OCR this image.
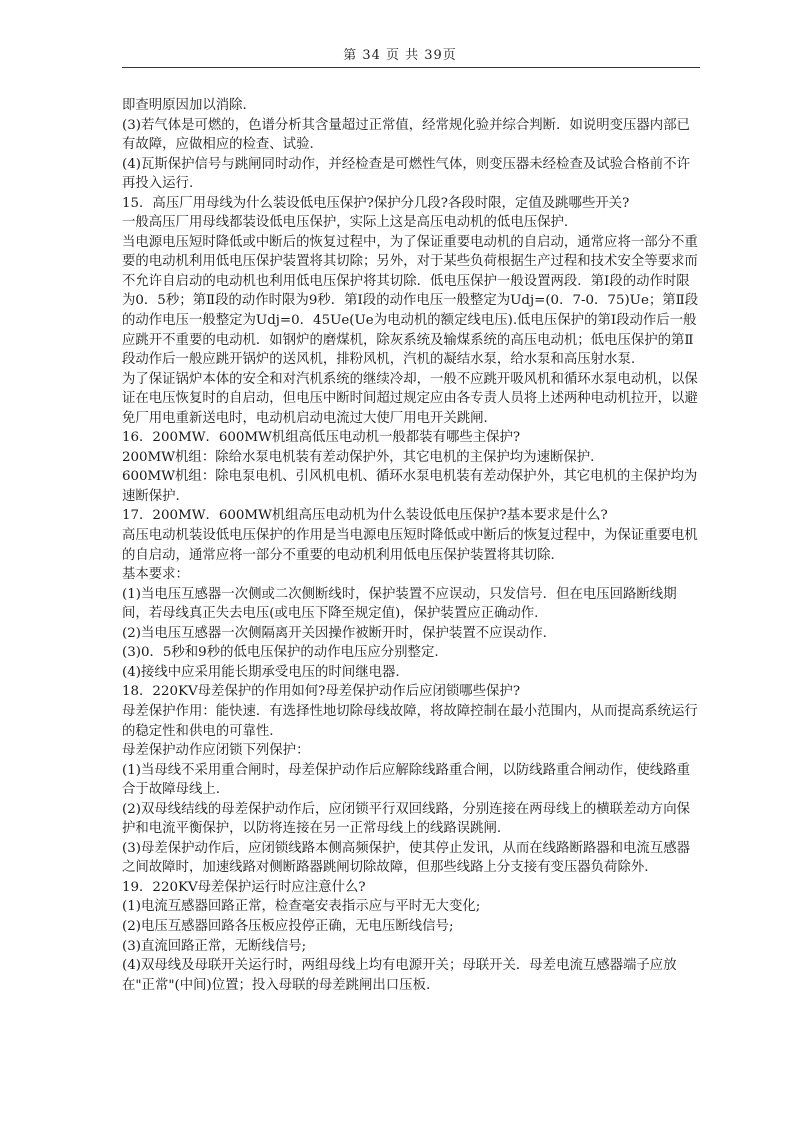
第 34 页 共 39页

即查明原因加以消除.

(3)若气体是可燃的，色谱分析其含量超过正常值，经常规化验并综合判断．如说明变压器内部已有故障，应做相应的检查、试验.

(4)瓦斯保护信号与跳闸同时动作，并经检查是可燃性气体，则变压器未经检查及试验合格前不许再投入运行.

15．高压厂用母线为什么装设低电压保护?保护分几段?各段时限，定值及跳哪些开关?

一般高压厂用母线都装设低电压保护，实际上这是高压电动机的低电压保护.

当电源电压短时降低或中断后的恢复过程中，为了保证重要电动机的自启动，通常应将一部分不重要的电动机利用低电压保护装置将其切除；另外，对于某些负荷根据生产过程和技术安全等要求而不允许自启动的电动机也利用低电压保护将其切除．低电压保护一般设置两段．第Ⅰ段的动作时限为0．5秒；第Ⅱ段的动作时限为9秒．第Ⅰ段的动作电压一般整定为Udj=(0．7-0．75)Ue；第Ⅱ段的动作电压一般整定为Udj=0．45Ue(Ue为电动机的额定线电压).低电压保护的第Ⅰ段动作后一般应跳开不重要的电动机．如钢炉的磨煤机，除灰系统及输煤系统的高压电动机；低电压保护的第Ⅱ段动作后一般应跳开锅炉的送风机，排粉风机，汽机的凝结水泵，给水泵和高压射水泵.

为了保证锅炉本体的安全和对汽机系统的继续冷却，一般不应跳开吸风机和循环水泵电动机，以保证在电压恢复时的自启动，但电压中断时间超过规定应由各专责人员将上述两种电动机拉开，以避免厂用电重新送电时，电动机启动电流过大使厂用电开关跳闸.

16．200MW．600MW机组高低压电动机一般都装有哪些主保护?

200MW机组：除给水泵电机装有差动保护外，其它电机的主保护均为速断保护.

600MW机组：除电泵电机、引风机电机、循环水泵电机装有差动保护外，其它电机的主保护均为速断保护.

17．200MW．600MW机组高压电动机为什么装设低电压保护?基本要求是什么?

高压电动机装设低电压保护的作用是当电源电压短时降低或中断后的恢复过程中，为保证重要电机的自启动，通常应将一部分不重要的电动机利用低电压保护装置将其切除.

基本要求：

(1)当电压互感器一次侧或二次侧断线时，保护装置不应误动，只发信号．但在电压回路断线期间，若母线真正失去电压(或电压下降至规定值)，保护装置应正确动作.

(2)当电压互感器一次侧隔离开关因操作被断开时，保护装置不应误动作.

(3)0．5秒和9秒的低电压保护的动作电压应分别整定.

(4)接线中应采用能长期承受电压的时间继电器.

18．220KV母差保护的作用如何?母差保护动作后应闭锁哪些保护?

母差保护作用：能快速．有选择性地切除母线故障，将故障控制在最小范围内，从而提高系统运行的稳定性和供电的可靠性.

母差保护动作应闭锁下列保护：

(1)当母线不采用重合闸时，母差保护动作后应解除线路重合闸，以防线路重合闸动作，使线路重合于故障母线上.

(2)双母线结线的母差保护动作后，应闭锁平行双回线路，分别连接在两母线上的横联差动方向保护和电流平衡保护，以防将连接在另一正常母线上的线路误跳闸.

(3)母差保护动作后，应闭锁线路本侧高频保护，使其停止发讯，从而在线路断路器和电流互感器之间故障时，加速线路对侧断路器跳闸切除故障，但那些线路上分支接有变压器负荷除外.

19．220KV母差保护运行时应注意什么?

(1)电流互感器回路正常，检查毫安表指示应与平时无大变化;

(2)电压互感器回路各压板应投停正确，无电压断线信号;

(3)直流回路正常，无断线信号;

(4)双母线及母联开关运行时，两组母线上均有电源开关；母联开关．母差电流互感器端子应放在"正常"(中间)位置；投入母联的母差跳闸出口压板.
